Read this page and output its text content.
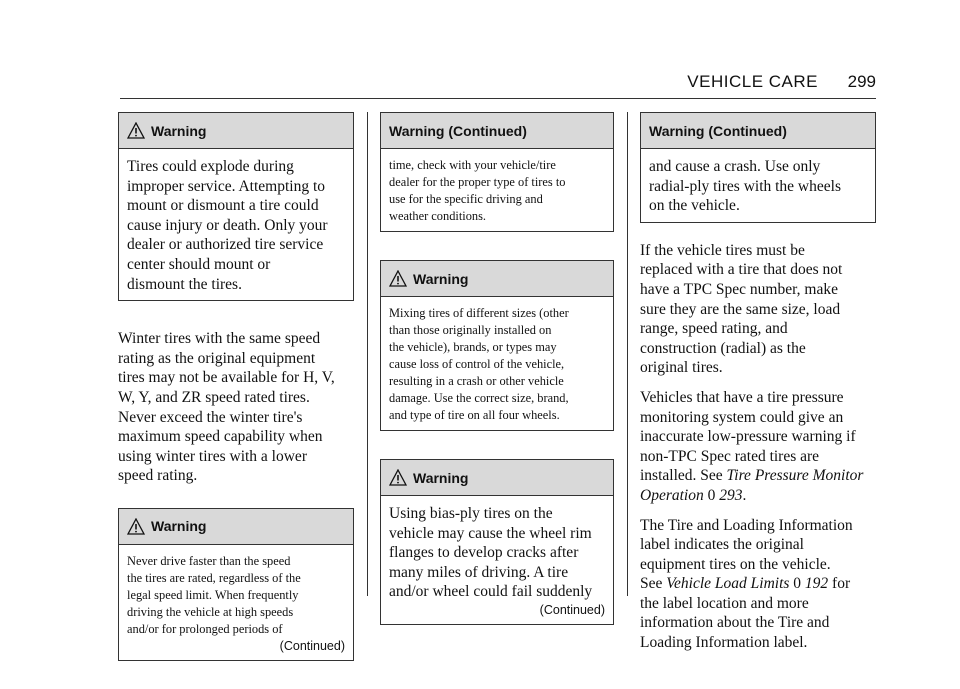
VEHICLE CARE 299
Warning
Tires could explode during
improper service. Attempting to
mount or dismount a tire could
cause injury or death. Only your
dealer or authorized tire service
center should mount or
dismount the tires.
Winter tires with the same speed
rating as the original equipment
tires may not be available for H, V,
W, Y, and ZR speed rated tires.
Never exceed the winter tire's
maximum speed capability when
using winter tires with a lower
speed rating.
Warning
Never drive faster than the speed
the tires are rated, regardless of the
legal speed limit. When frequently
driving the vehicle at high speeds
and/or for prolonged periods of
(Continued)
Warning (Continued)
time, check with your vehicle/tire
dealer for the proper type of tires to
use for the specific driving and
weather conditions.
Warning
Mixing tires of different sizes (other
than those originally installed on
the vehicle), brands, or types may
cause loss of control of the vehicle,
resulting in a crash or other vehicle
damage. Use the correct size, brand,
and type of tire on all four wheels.
Warning
Using bias-ply tires on the
vehicle may cause the wheel rim
flanges to develop cracks after
many miles of driving. A tire
and/or wheel could fail suddenly
(Continued)
Warning (Continued)
and cause a crash. Use only
radial-ply tires with the wheels
on the vehicle.
If the vehicle tires must be
replaced with a tire that does not
have a TPC Spec number, make
sure they are the same size, load
range, speed rating, and
construction (radial) as the
original tires.
Vehicles that have a tire pressure
monitoring system could give an
inaccurate low-pressure warning if
non-TPC Spec rated tires are
installed. See Tire Pressure Monitor
Operation 0 293.
The Tire and Loading Information
label indicates the original
equipment tires on the vehicle.
See Vehicle Load Limits 0 192 for
the label location and more
information about the Tire and
Loading Information label.
